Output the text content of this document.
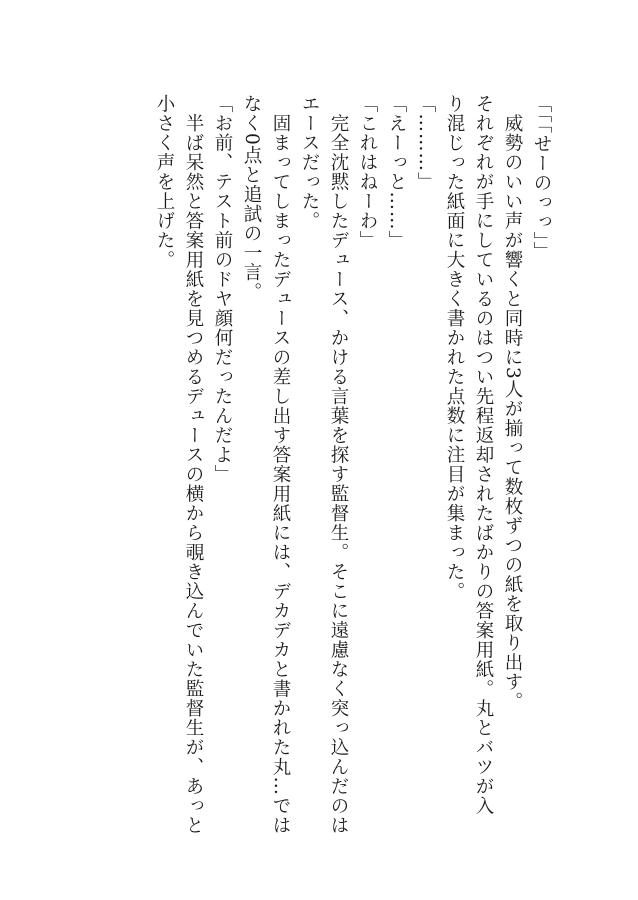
「「「せーのっっ」」
　威勢のいい声が響くと同時に3人が揃って数枚ずつの紙を取り出す。
それぞれが手にしているのはつい先程返却されたばかりの答案用紙。丸とバツが入
り混じった紙面に大きく書かれた点数に注目が集まった。
「………」
「えーっと……」
「これはねーわ」
　完全沈黙したデュース、かける言葉を探す監督生。そこに遠慮なく突っ込んだのは
エースだった。
　固まってしまったデュースの差し出す答案用紙には、デカデカと書かれた丸…では
なく0点と追試の一言。
「お前、テスト前のドヤ顔何だったんだよ」
　半ば呆然と答案用紙を見つめるデュースの横から覗き込んでいた監督生が、あっと
小さく声を上げた。
